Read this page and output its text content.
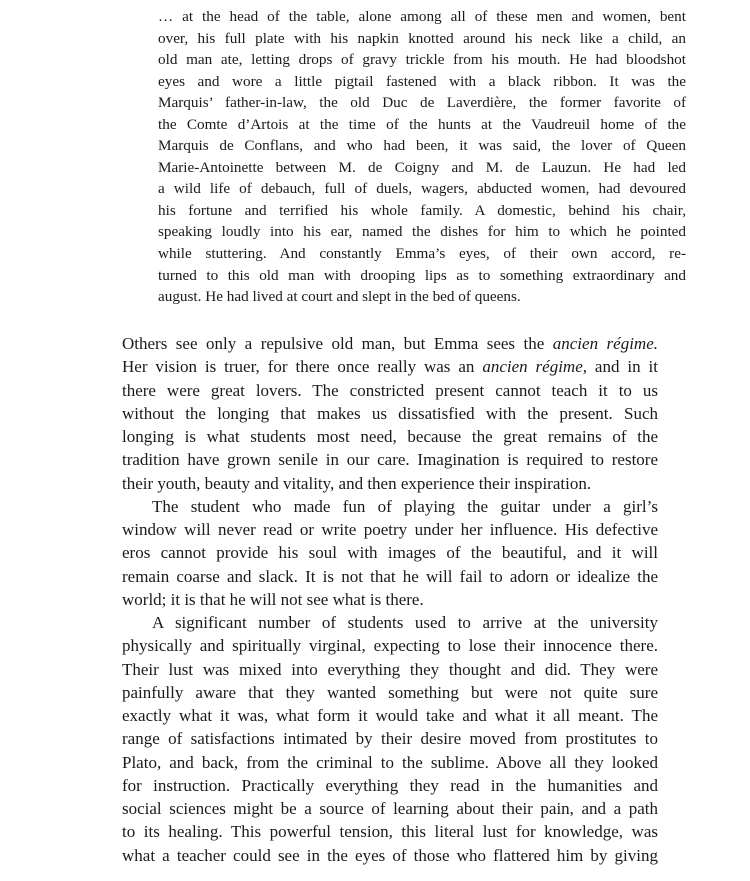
… at the head of the table, alone among all of these men and women, bent
over, his full plate with his napkin knotted around his neck like a child, an
old man ate, letting drops of gravy trickle from his mouth. He had bloodshot
eyes and wore a little pigtail fastened with a black ribbon. It was the
Marquis’ father-in-law, the old Duc de Laverdière, the former favorite of
the Comte d’Artois at the time of the hunts at the Vaudreuil home of the
Marquis de Conflans, and who had been, it was said, the lover of Queen
Marie-Antoinette between M. de Coigny and M. de Lauzun. He had led
a wild life of debauch, full of duels, wagers, abducted women, had devoured
his fortune and terrified his whole family. A domestic, behind his chair,
speaking loudly into his ear, named the dishes for him to which he pointed
while stuttering. And constantly Emma’s eyes, of their own accord, re-
turned to this old man with drooping lips as to something extraordinary and
august. He had lived at court and slept in the bed of queens.
Others see only a repulsive old man, but Emma sees the ancien régime.
Her vision is truer, for there once really was an ancien régime, and in it
there were great lovers. The constricted present cannot teach it to us
without the longing that makes us dissatisfied with the present. Such
longing is what students most need, because the great remains of the
tradition have grown senile in our care. Imagination is required to restore
their youth, beauty and vitality, and then experience their inspiration.
The student who made fun of playing the guitar under a girl’s
window will never read or write poetry under her influence. His defective
eros cannot provide his soul with images of the beautiful, and it will
remain coarse and slack. It is not that he will fail to adorn or idealize the
world; it is that he will not see what is there.
A significant number of students used to arrive at the university
physically and spiritually virginal, expecting to lose their innocence there.
Their lust was mixed into everything they thought and did. They were
painfully aware that they wanted something but were not quite sure
exactly what it was, what form it would take and what it all meant. The
range of satisfactions intimated by their desire moved from prostitutes to
Plato, and back, from the criminal to the sublime. Above all they looked
for instruction. Practically everything they read in the humanities and
social sciences might be a source of learning about their pain, and a path
to its healing. This powerful tension, this literal lust for knowledge, was
what a teacher could see in the eyes of those who flattered him by giving
